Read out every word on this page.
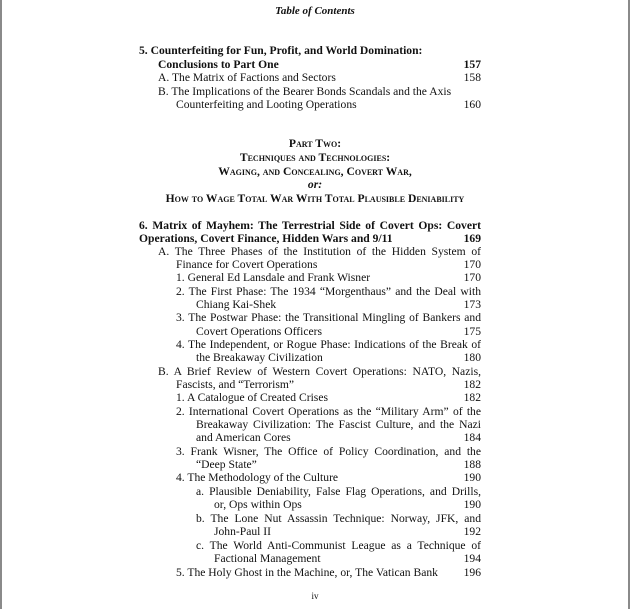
Table of Contents
5. Counterfeiting for Fun, Profit, and World Domination:
Conclusions to Part One	157
A. The Matrix of Factions and Sectors	158
B. The Implications of the Bearer Bonds Scandals and the Axis
Counterfeiting and Looting Operations	160
Part Two:
Techniques and Technologies:
Waging, and Concealing, Covert War,
or:
How to Wage Total War With Total Plausible Deniability
6. Matrix of Mayhem: The Terrestrial Side of Covert Ops: Covert
Operations, Covert Finance, Hidden Wars and 9/11	169
A. The Three Phases of the Institution of the Hidden System of
Finance for Covert Operations	170
1. General Ed Lansdale and Frank Wisner	170
2. The First Phase: The 1934 “Morgenthaus” and the Deal with
Chiang Kai-Shek	173
3. The Postwar Phase: the Transitional Mingling of Bankers and
Covert Operations Officers	175
4. The Independent, or Rogue Phase: Indications of the Break of
the Breakaway Civilization	180
B. A Brief Review of Western Covert Operations: NATO, Nazis,
Fascists, and “Terrorism”	182
1. A Catalogue of Created Crises	182
2. International Covert Operations as the “Military Arm” of the
Breakaway Civilization: The Fascist Culture, and the Nazi
and American Cores	184
3. Frank Wisner, The Office of Policy Coordination, and the
“Deep State”	188
4. The Methodology of the Culture	190
a. Plausible Deniability, False Flag Operations, and Drills,
or, Ops within Ops	190
b. The Lone Nut Assassin Technique: Norway, JFK, and
John-Paul II	192
c. The World Anti-Communist League as a Technique of
Factional Management	194
5. The Holy Ghost in the Machine, or, The Vatican Bank 196
iv
